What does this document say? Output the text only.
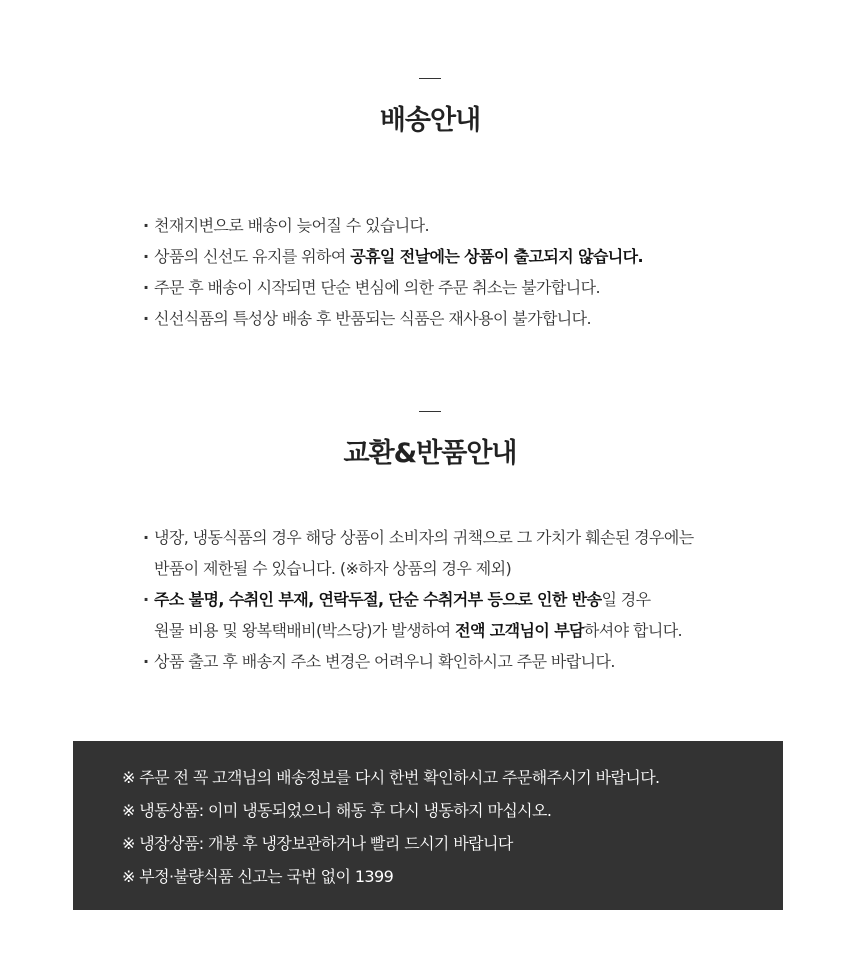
배송안내
· 천재지변으로 배송이 늦어질 수 있습니다.
· 상품의 신선도 유지를 위하여 공휴일 전날에는 상품이 출고되지 않습니다.
· 주문 후 배송이 시작되면 단순 변심에 의한 주문 취소는 불가합니다.
· 신선식품의 특성상 배송 후 반품되는 식품은 재사용이 불가합니다.
교환&반품안내
· 냉장, 냉동식품의 경우 해당 상품이 소비자의 귀책으로 그 가치가 훼손된 경우에는
반품이 제한될 수 있습니다. (※하자 상품의 경우 제외)
· 주소 불명, 수취인 부재, 연락두절, 단순 수취거부 등으로 인한 반송일 경우
원물 비용 및 왕복택배비(박스당)가 발생하여 전액 고객님이 부담하셔야 합니다.
· 상품 출고 후 배송지 주소 변경은 어려우니 확인하시고 주문 바랍니다.

※ 주문 전 꼭 고객님의 배송정보를 다시 한번 확인하시고 주문해주시기 바랍니다.

※ 냉동상품: 이미 냉동되었으니 해동 후 다시 냉동하지 마십시오.

※ 냉장상품: 개봉 후 냉장보관하거나 빨리 드시기 바랍니다

※ 부정·불량식품 신고는 국번 없이 1399
